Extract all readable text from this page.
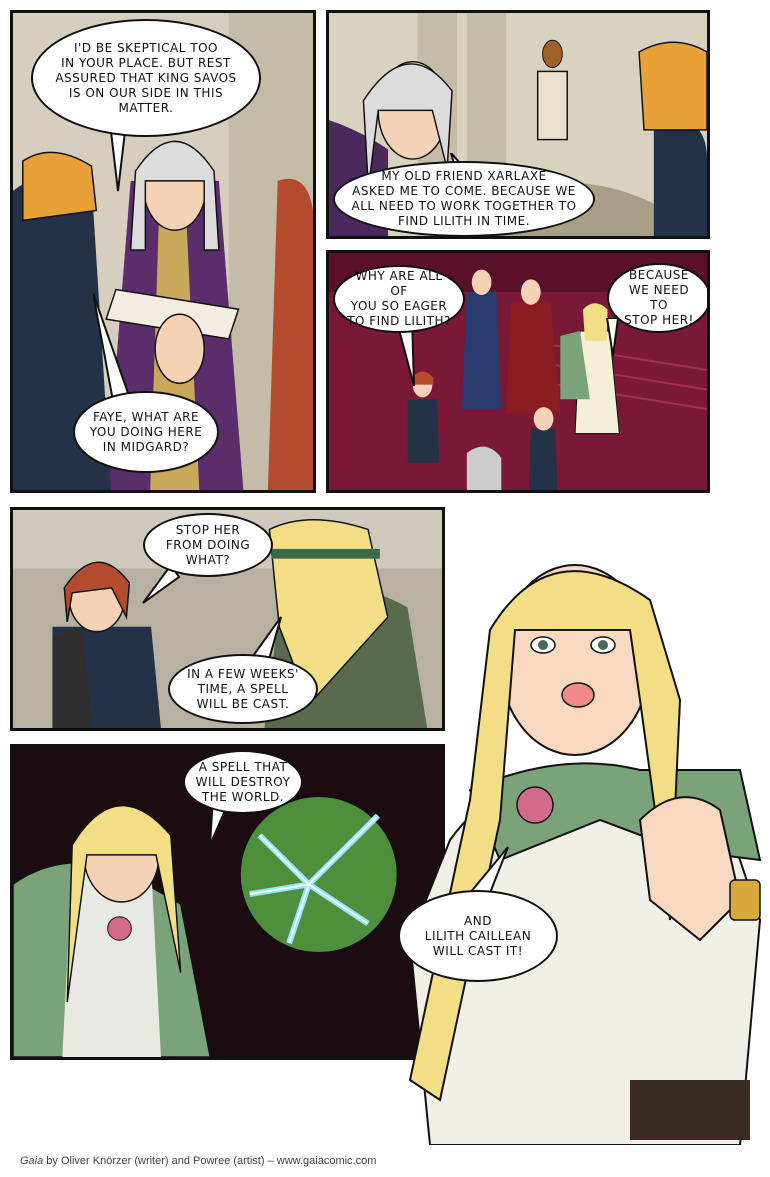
I'D BE SKEPTICAL TOO
IN YOUR PLACE. BUT REST
ASSURED THAT KING SAVOS
IS ON OUR SIDE IN THIS
MATTER.
FAYE, WHAT ARE
YOU DOING HERE
IN MIDGARD?
MY OLD FRIEND XARLAXE
ASKED ME TO COME. BECAUSE WE
ALL NEED TO WORK TOGETHER TO
FIND LILITH IN TIME.
WHY ARE ALL OF
YOU SO EAGER
TO FIND LILITH?
BECAUSE
WE NEED TO
STOP HER!
STOP HER
FROM DOING
WHAT?
IN A FEW WEEKS'
TIME, A SPELL
WILL BE CAST.
A SPELL THAT
WILL DESTROY
THE WORLD.
AND
LILITH CAILLEAN
WILL CAST IT!
Gaia by Oliver Knörzer (writer) and Powree (artist) – www.gaiacomic.com
